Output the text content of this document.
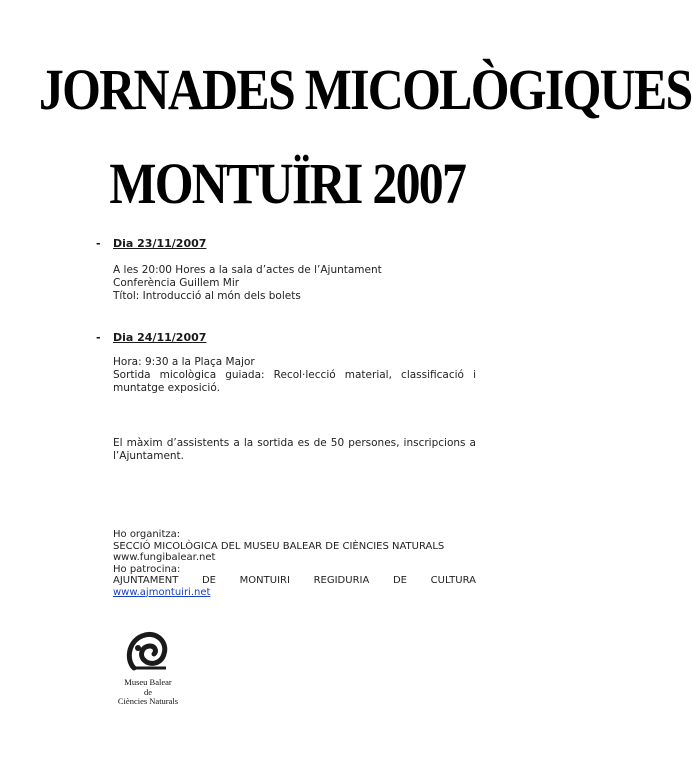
JORNADES MICOLÒGIQUES
MONTUÏRI 2007
- Dia 23/11/2007

A les 20:00 Hores a la sala d’actes de l’Ajuntament

Conferència Guillem Mir

Títol: Introducció al món dels bolets

- Dia 24/11/2007

Hora: 9:30 a la Plaça Major

Sortida micològica guiada: Recol·lecció material, classificació i muntatge exposició.

El màxim d’assistents a la sortida es de 50 persones, inscripcions a l’Ajuntament.

Ho organitza:

SECCIÓ MICOLÒGICA DEL MUSEU BALEAR DE CIÈNCIES NATURALS

www.fungibalear.net

Ho patrocina:

AJUNTAMENT DE MONTUIRI REGIDURIA DE CULTURA

www.ajmontuiri.net

Museu Balear
de
Ciències Naturals
